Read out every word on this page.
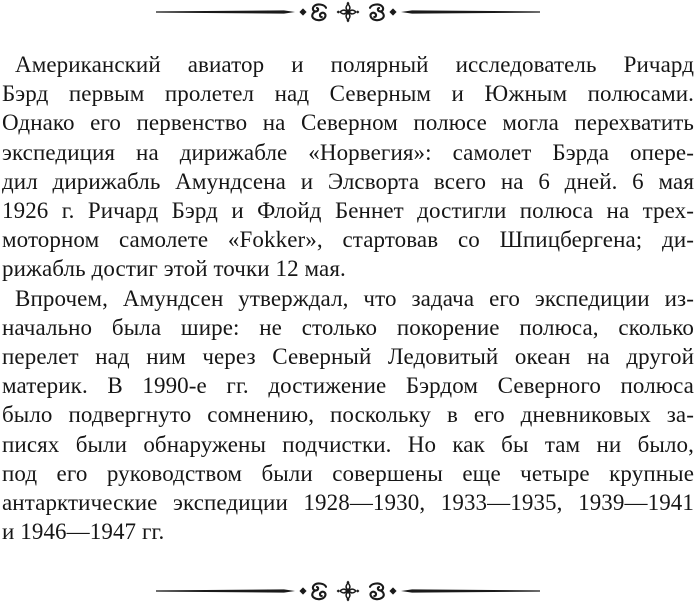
Американский авиатор и полярный исследователь Ричард
Бэрд первым пролетел над Северным и Южным полюсами.
Однако его первенство на Северном полюсе могла перехватить
экспедиция на дирижабле «Норвегия»: самолет Бэрда опере-
дил дирижабль Амундсена и Элсворта всего на 6 дней. 6 мая
1926 г. Ричард Бэрд и Флойд Беннет достигли полюса на трех-
моторном самолете «Fokker», стартовав со Шпицбергена; ди-
рижабль достиг этой точки 12 мая.

Впрочем, Амундсен утверждал, что задача его экспедиции из-
начально была шире: не столько покорение полюса, сколько
перелет над ним через Северный Ледовитый океан на другой
материк. В 1990-е гг. достижение Бэрдом Северного полюса
было подвергнуто сомнению, поскольку в его дневниковых за-
писях были обнаружены подчистки. Но как бы там ни было,
под его руководством были совершены еще четыре крупные
антарктические экспедиции 1928—1930, 1933—1935, 1939—1941
и 1946—1947 гг.
